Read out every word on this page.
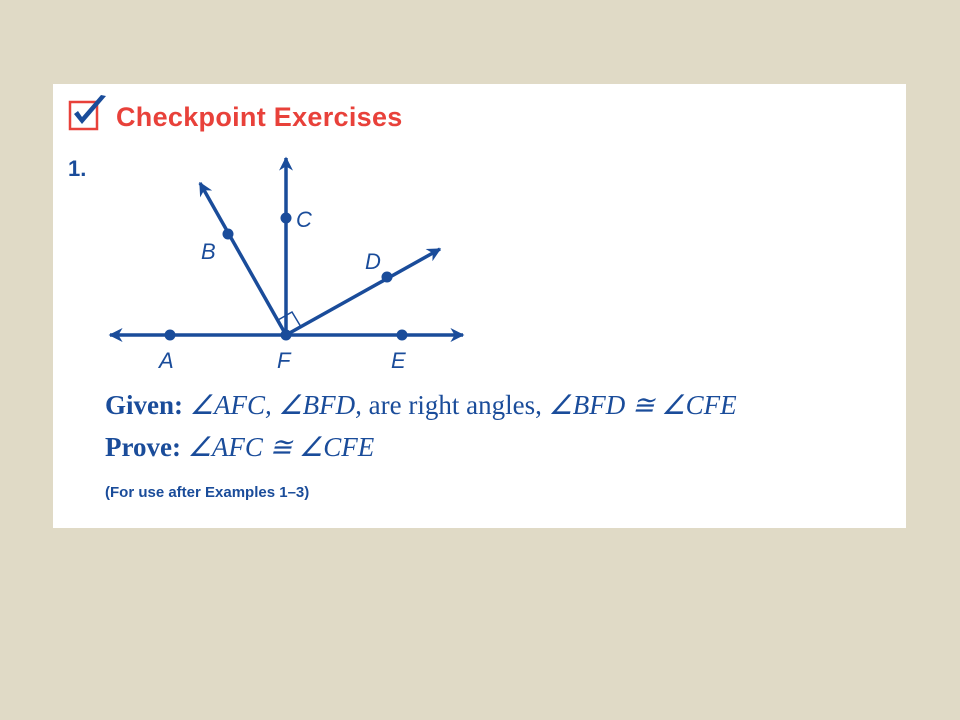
Checkpoint Exercises
1.
A	F	E
C
B	D
Given: ∠AFC, ∠BFD, are right angles, ∠BFD ≅ ∠CFE
Prove: ∠AFC ≅ ∠CFE
(For use after Examples 1–3)
